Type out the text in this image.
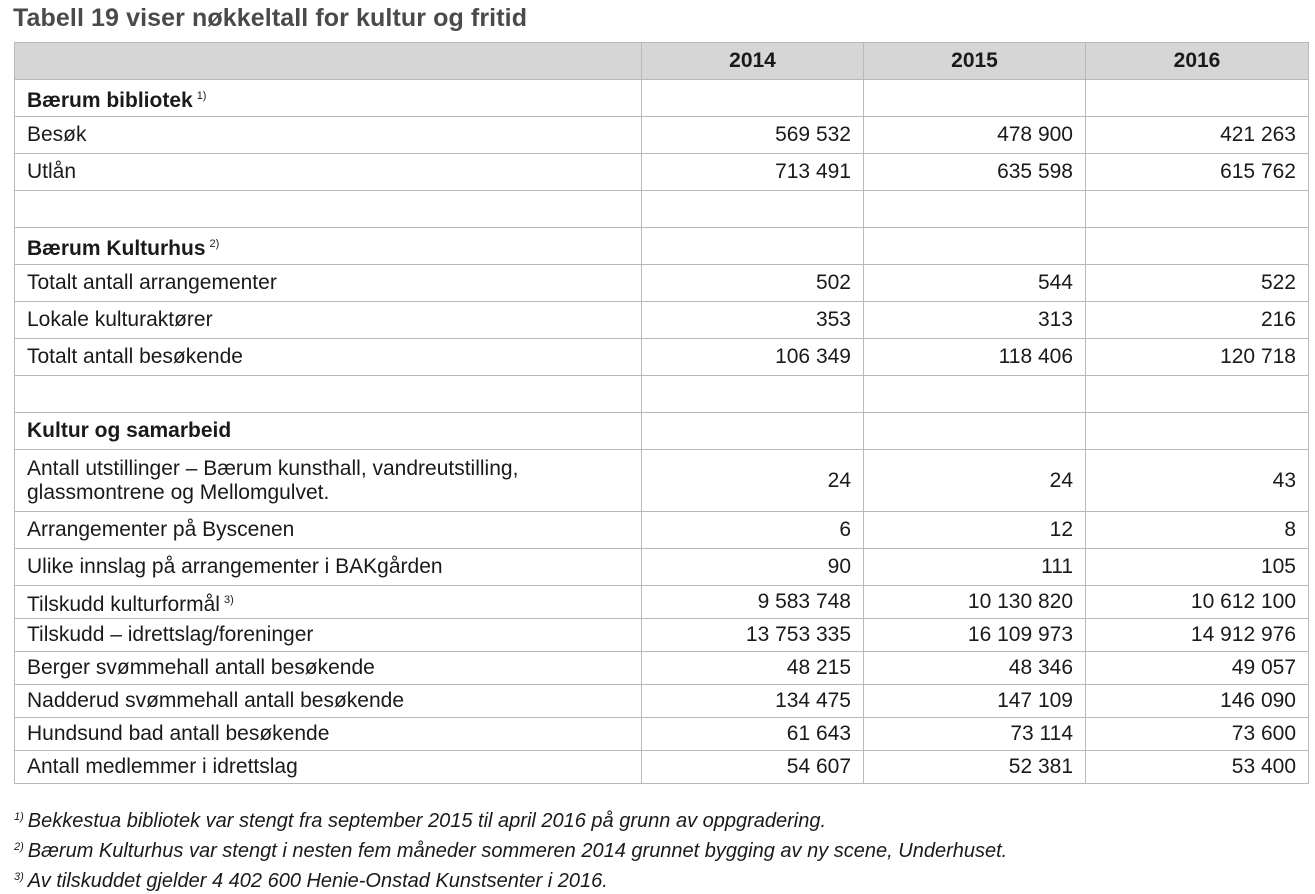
Tabell 19 viser nøkkeltall for kultur og fritid
	2014	2015	2016
Bærum bibliotek $^{1)}$			
Besøk	569 532	478 900	421 263
Utlån	713 491	635 598	615 762

Bærum Kulturhus $^{2)}$			
Totalt antall arrangementer	502	544	522
Lokale kulturaktører	353	313	216
Totalt antall besøkende	106 349	118 406	120 718

Kultur og samarbeid			
Antall utstillinger – Bærum kunsthall, vandreutstilling, glassmontrene og Mellomgulvet.	24	24	43
Arrangementer på Byscenen	6	12	8
Ulike innslag på arrangementer i BAKgården	90	111	105
Tilskudd kulturformål $^{3)}$	9 583 748	10 130 820	10 612 100
Tilskudd – idrettslag/foreninger	13 753 335	16 109 973	14 912 976
Berger svømmehall antall besøkende	48 215	48 346	49 057
Nadderud svømmehall antall besøkende	134 475	147 109	146 090
Hundsund bad antall besøkende	61 643	73 114	73 600
Antall medlemmer i idrettslag	54 607	52 381	53 400
$^{1)}$ Bekkestua bibliotek var stengt fra september 2015 til april 2016 på grunn av oppgradering.
$^{2)}$ Bærum Kulturhus var stengt i nesten fem måneder sommeren 2014 grunnet bygging av ny scene, Underhuset.
$^{3)}$ Av tilskuddet gjelder 4 402 600 Henie-Onstad Kunstsenter i 2016.
